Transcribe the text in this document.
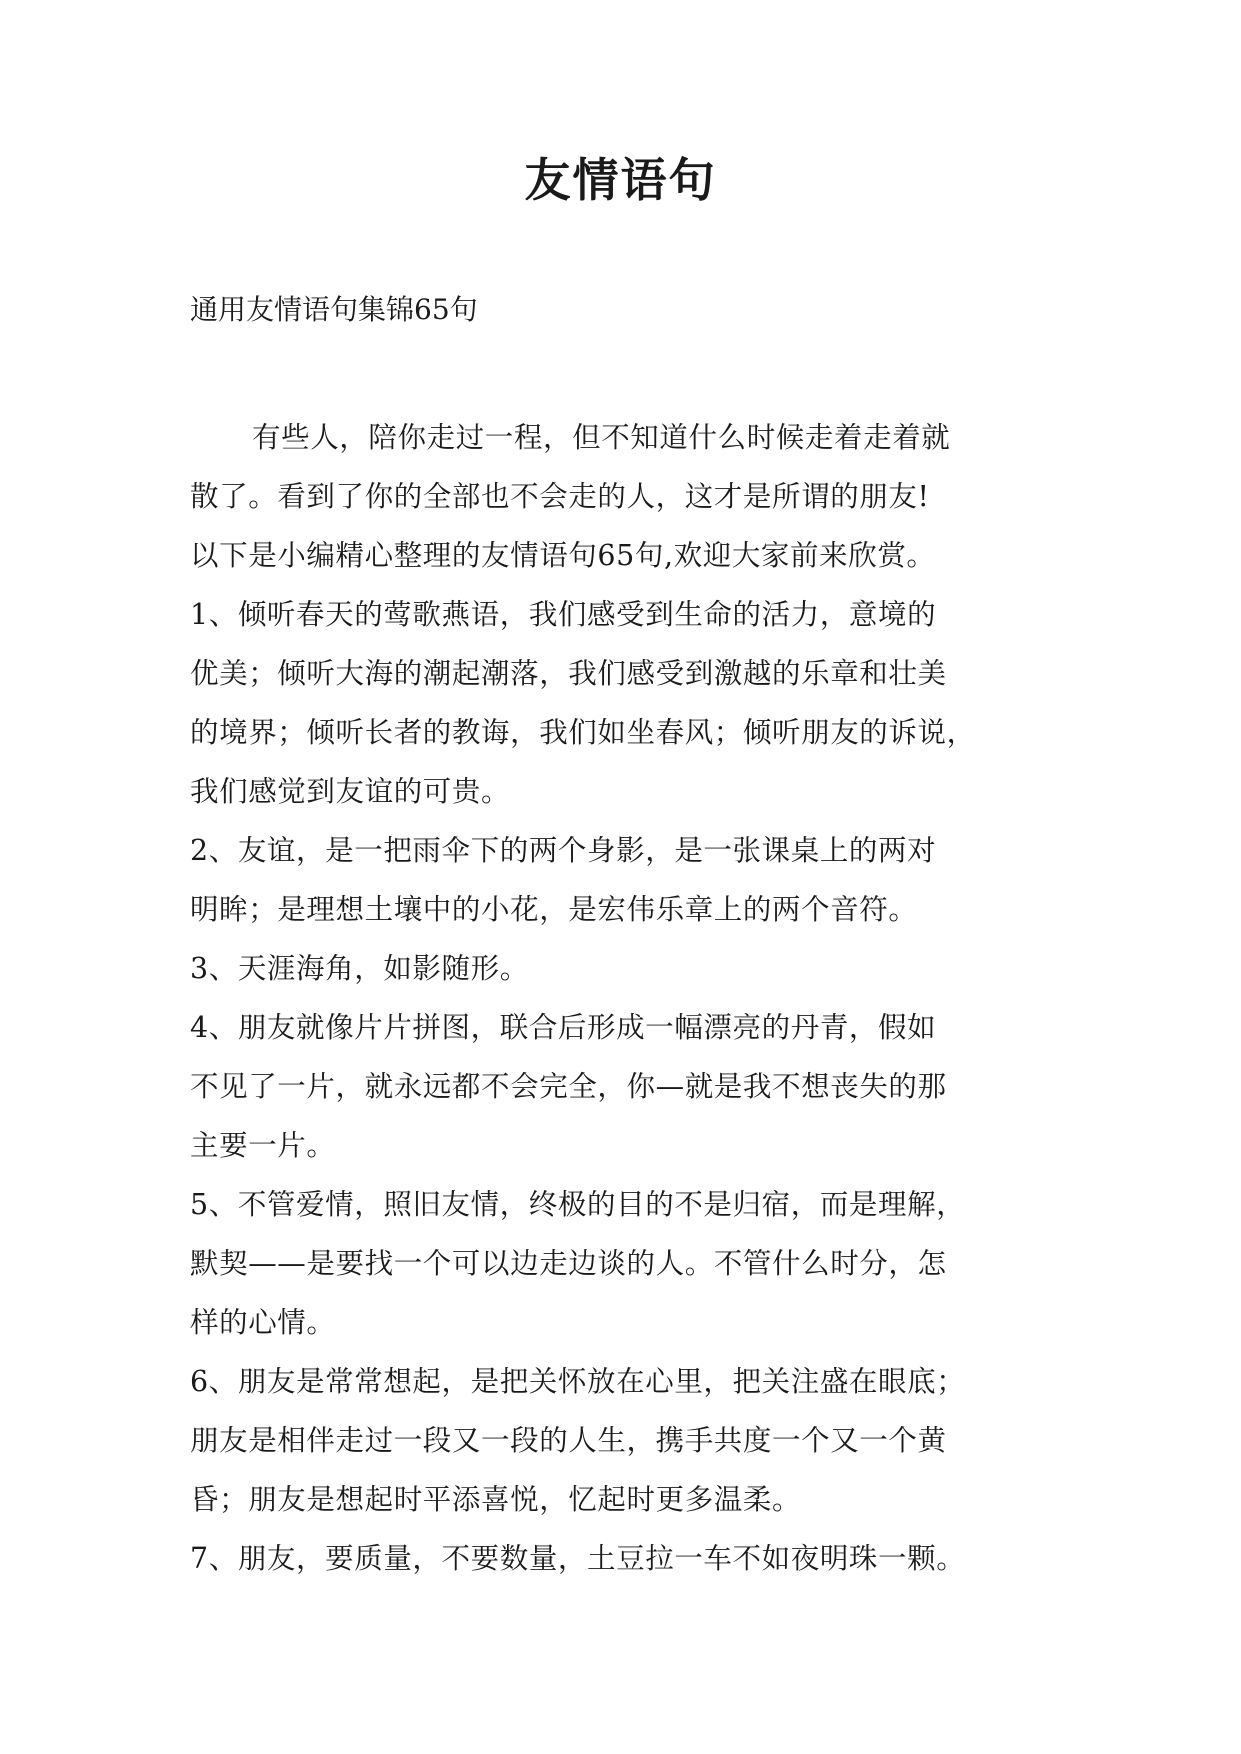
友情语句

通用友情语句集锦65句

有些人，陪你走过一程，但不知道什么时候走着走着就

散了。看到了你的全部也不会走的人，这才是所谓的朋友!

以下是小编精心整理的友情语句65句,欢迎大家前来欣赏。

1、倾听春天的莺歌燕语，我们感受到生命的活力，意境的

优美；倾听大海的潮起潮落，我们感受到激越的乐章和壮美

的境界；倾听长者的教诲，我们如坐春风；倾听朋友的诉说，

我们感觉到友谊的可贵。

2、友谊，是一把雨伞下的两个身影，是一张课桌上的两对

明眸；是理想土壤中的小花，是宏伟乐章上的两个音符。

3、天涯海角，如影随形。

4、朋友就像片片拼图，联合后形成一幅漂亮的丹青，假如

不见了一片，就永远都不会完全，你—就是我不想丧失的那

主要一片。

5、不管爱情，照旧友情，终极的目的不是归宿，而是理解，

默契——是要找一个可以边走边谈的人。不管什么时分，怎

样的心情。

6、朋友是常常想起，是把关怀放在心里，把关注盛在眼底；

朋友是相伴走过一段又一段的人生，携手共度一个又一个黄

昏；朋友是想起时平添喜悦，忆起时更多温柔。

7、朋友，要质量，不要数量，土豆拉一车不如夜明珠一颗。
